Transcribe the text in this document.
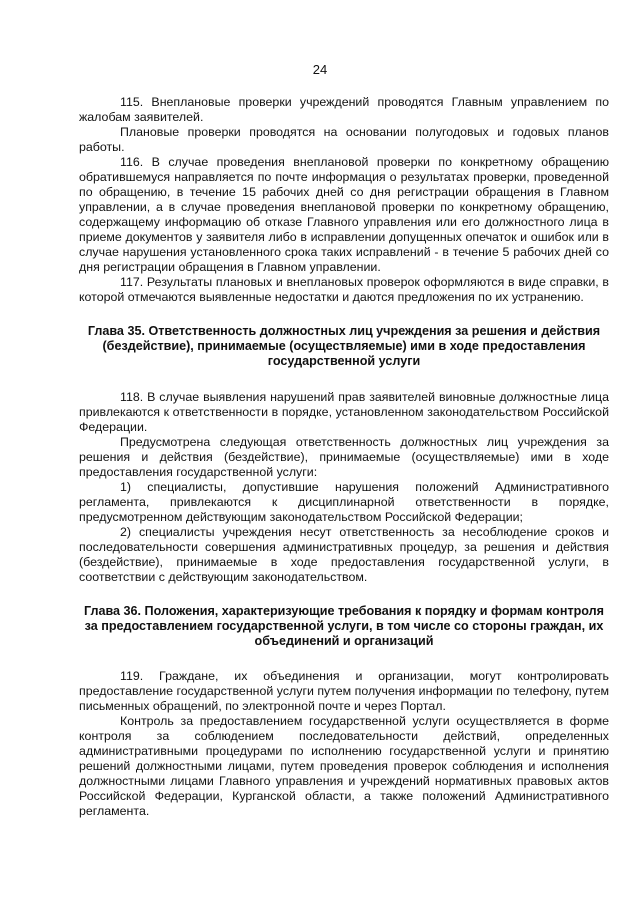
24

115. Внеплановые проверки учреждений проводятся Главным управлением по жалобам заявителей.

Плановые проверки проводятся на основании полугодовых и годовых планов работы.

116. В случае проведения внеплановой проверки по конкретному обращению обратившемуся направляется по почте информация о результатах проверки, проведенной по обращению, в течение 15 рабочих дней со дня регистрации обращения в Главном управлении, а в случае проведения внеплановой проверки по конкретному обращению, содержащему информацию об отказе Главного управления или его должностного лица в приеме документов у заявителя либо в исправлении допущенных опечаток и ошибок или в случае нарушения установленного срока таких исправлений - в течение 5 рабочих дней со дня регистрации обращения в Главном управлении.

117. Результаты плановых и внеплановых проверок оформляются в виде справки, в которой отмечаются выявленные недостатки и даются предложения по их устранению.

Глава 35. Ответственность должностных лиц учреждения за решения и действия (бездействие), принимаемые (осуществляемые) ими в ходе предоставления государственной услуги

118. В случае выявления нарушений прав заявителей виновные должностные лица привлекаются к ответственности в порядке, установленном законодательством Российской Федерации.

Предусмотрена следующая ответственность должностных лиц учреждения за решения и действия (бездействие), принимаемые (осуществляемые) ими в ходе предоставления государственной услуги:

1) специалисты, допустившие нарушения положений Административного регламента, привлекаются к дисциплинарной ответственности в порядке, предусмотренном действующим законодательством Российской Федерации;

2) специалисты учреждения несут ответственность за несоблюдение сроков и последовательности совершения административных процедур, за решения и действия (бездействие), принимаемые в ходе предоставления государственной услуги, в соответствии с действующим законодательством.

Глава 36. Положения, характеризующие требования к порядку и формам контроля за предоставлением государственной услуги, в том числе со стороны граждан, их объединений и организаций

119. Граждане, их объединения и организации, могут контролировать предоставление государственной услуги путем получения информации по телефону, путем письменных обращений, по электронной почте и через Портал.

Контроль за предоставлением государственной услуги осуществляется в форме контроля за соблюдением последовательности действий, определенных административными процедурами по исполнению государственной услуги и принятию решений должностными лицами, путем проведения проверок соблюдения и исполнения должностными лицами Главного управления и учреждений нормативных правовых актов Российской Федерации, Курганской области, а также положений Административного регламента.
